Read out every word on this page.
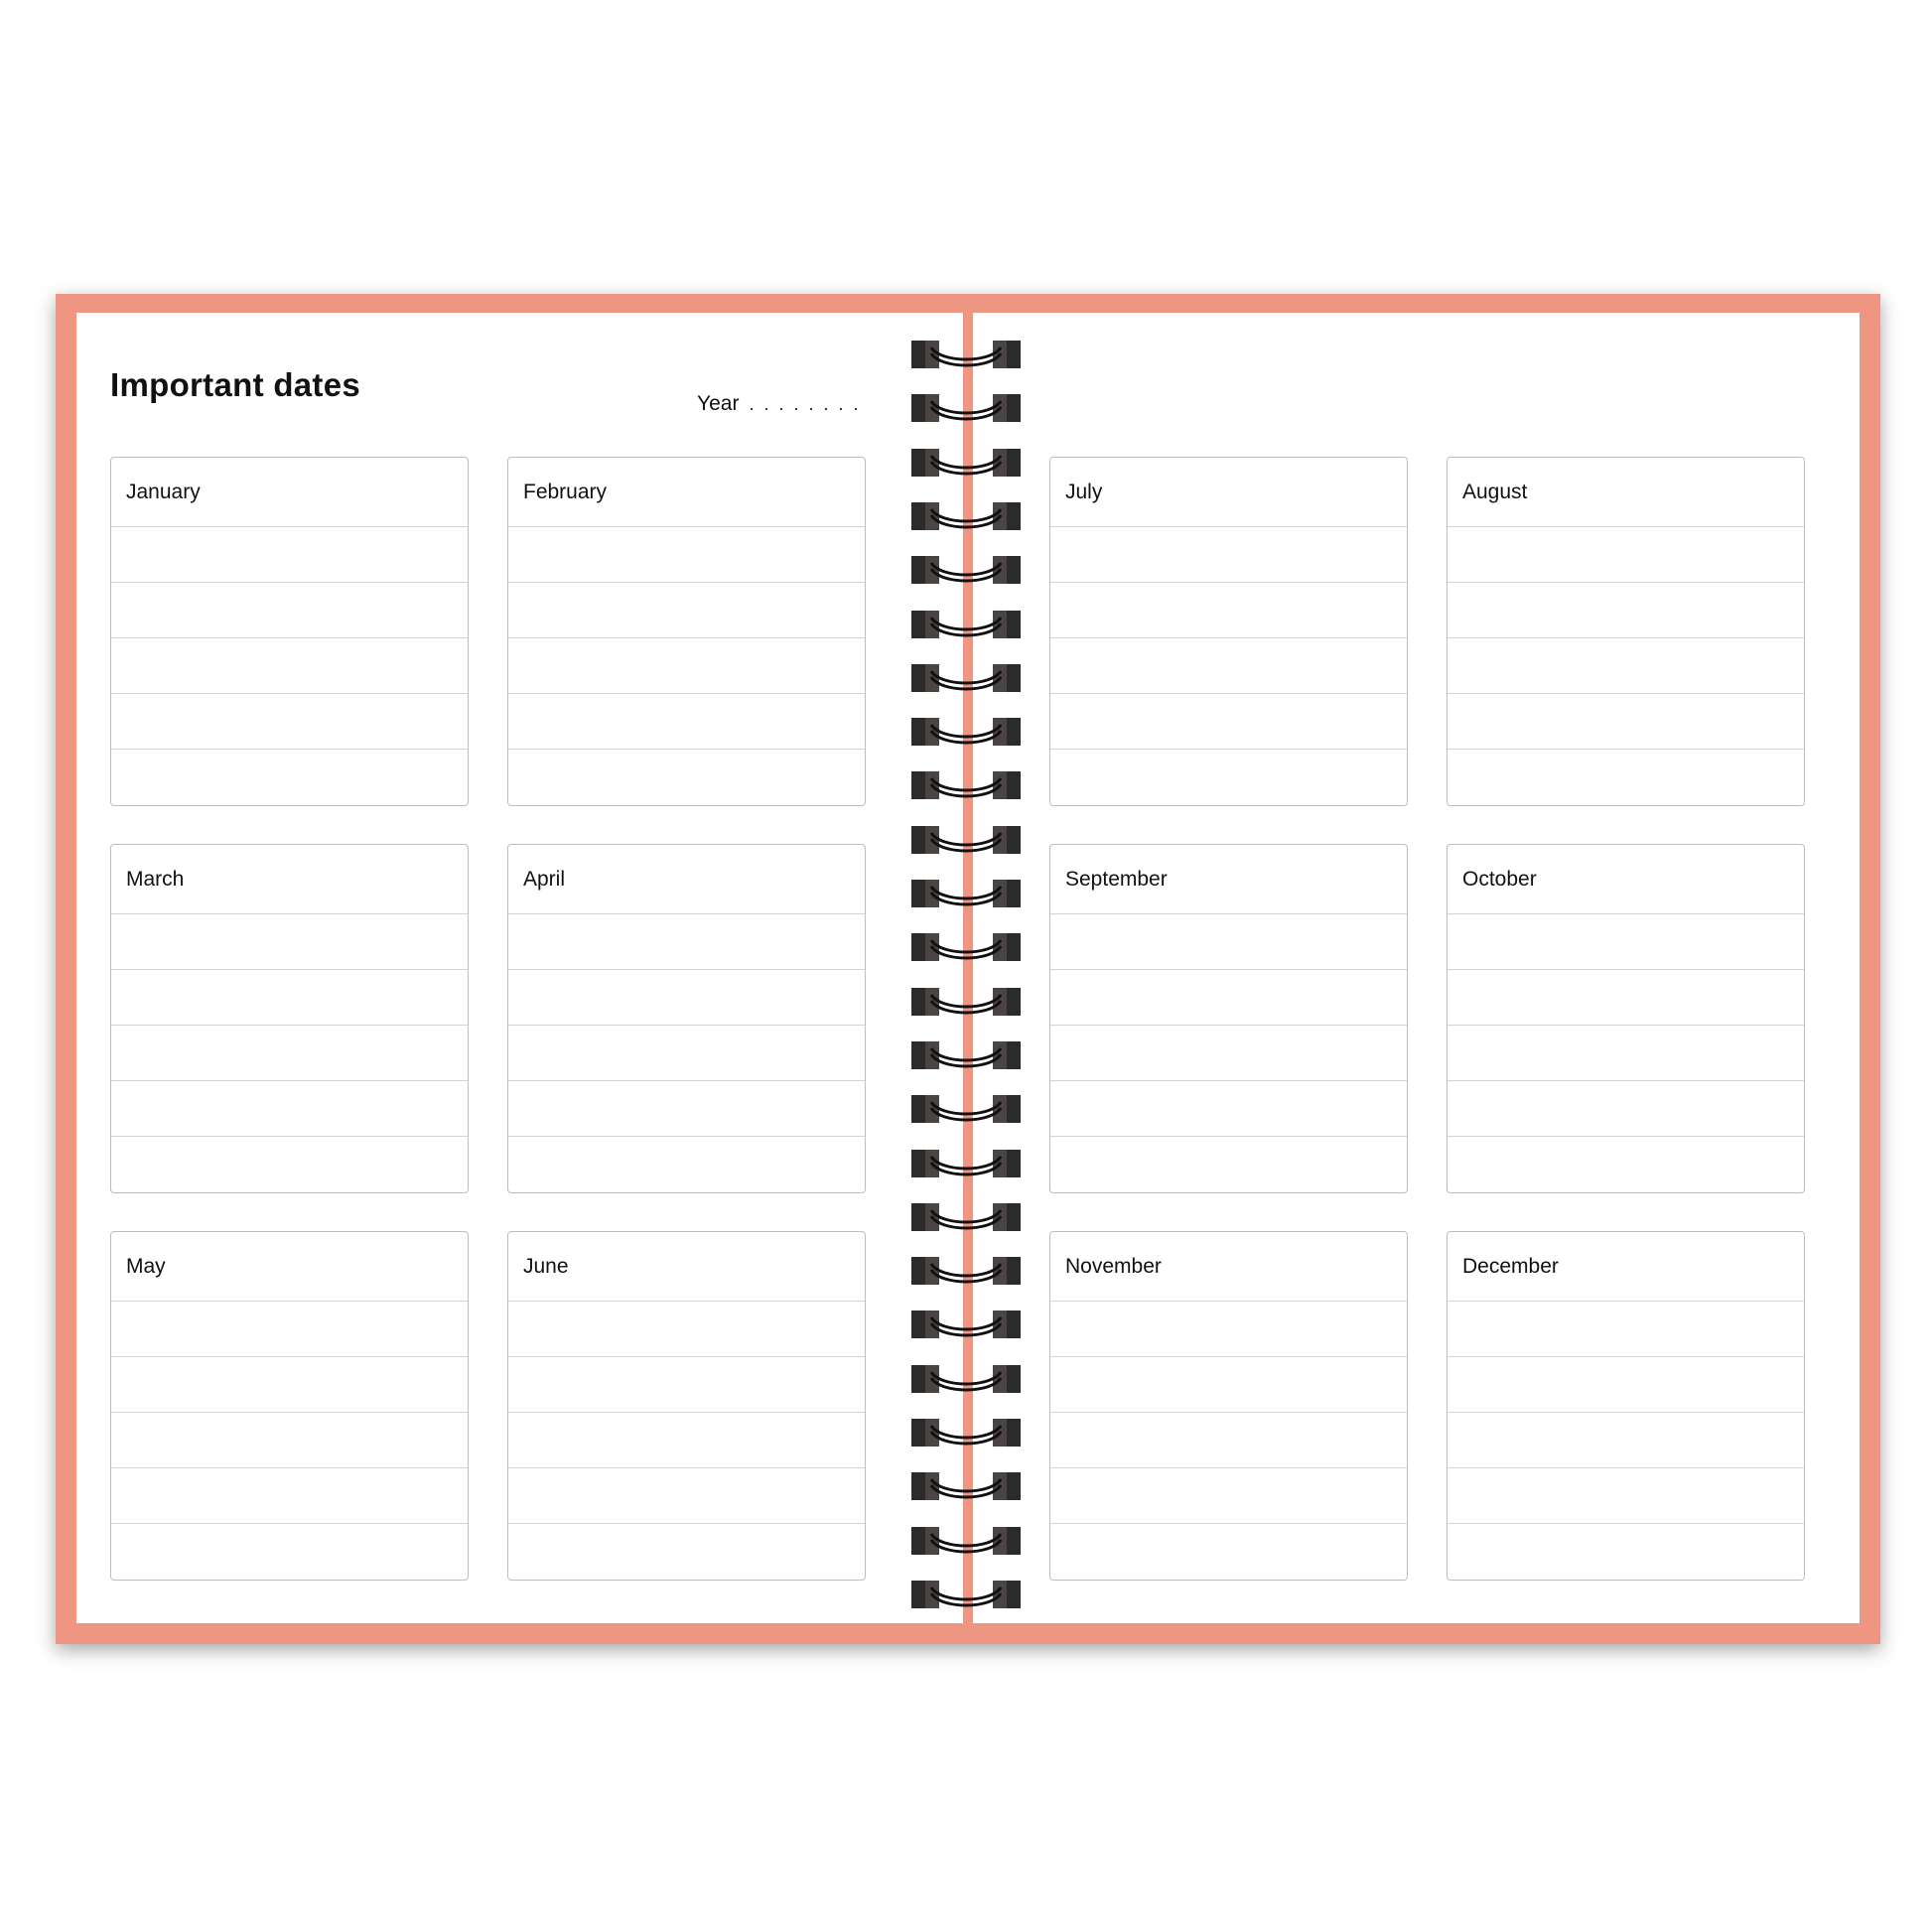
Important dates
Year ........
January	February
March	April
May	June
July	August
September	October
November	December
